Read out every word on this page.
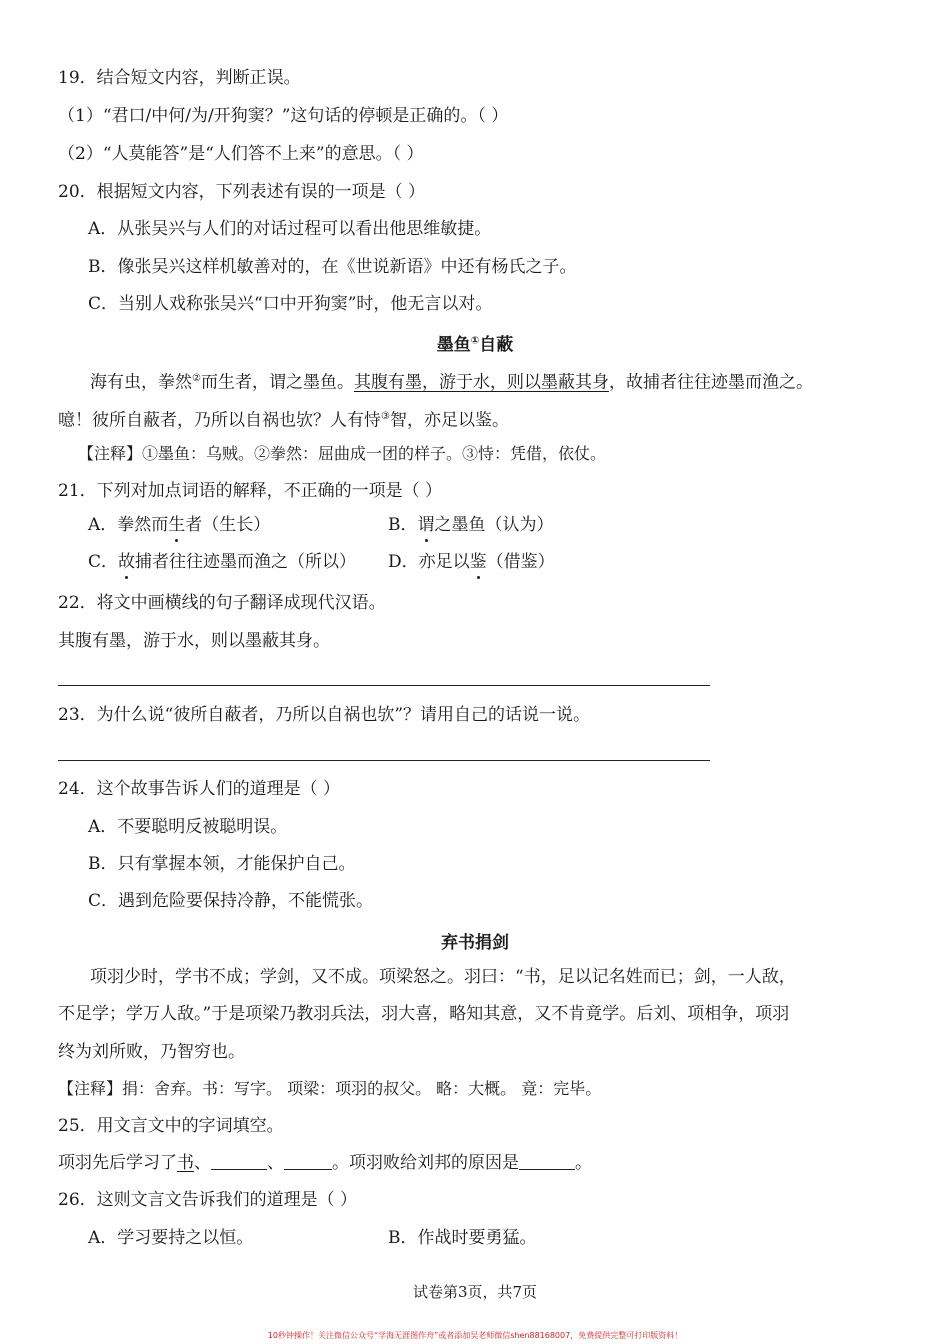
19．结合短文内容，判断正误。
（1）“君口/中何/为/开狗窦？”这句话的停顿是正确的。（ ）
（2）“人莫能答”是“人们答不上来”的意思。（ ）
20．根据短文内容，下列表述有误的一项是（ ）
A．从张吴兴与人们的对话过程可以看出他思维敏捷。
B．像张吴兴这样机敏善对的，在《世说新语》中还有杨氏之子。
C．当别人戏称张吴兴“口中开狗窦”时，他无言以对。
墨鱼①自蔽
海有虫，拳然②而生者，谓之墨鱼。其腹有墨，游于水，则以墨蔽其身，故捕者往往迹墨而渔之。
噫！彼所自蔽者，乃所以自祸也欤？人有恃③智，亦足以鉴。
【注释】①墨鱼：乌贼。②拳然：屈曲成一团的样子。③恃：凭借，依仗。
21．下列对加点词语的解释，不正确的一项是（ ）
A．拳然而生者（生长）	B．谓之墨鱼（认为）
C．故捕者往往迹墨而渔之（所以） D．亦足以鉴（借鉴）
22．将文中画横线的句子翻译成现代汉语。
其腹有墨，游于水，则以墨蔽其身。
23．为什么说“彼所自蔽者，乃所以自祸也欤”？请用自己的话说一说。
24．这个故事告诉人们的道理是（ ）
A．不要聪明反被聪明误。
B．只有掌握本领，才能保护自己。
C．遇到危险要保持冷静，不能慌张。
弃书捐剑
项羽少时，学书不成；学剑，又不成。项梁怒之。羽曰：“书，足以记名姓而已；剑，一人敌，
不足学；学万人敌。”于是项梁乃教羽兵法，羽大喜，略知其意，又不肯竟学。后刘、项相争，项羽
终为刘所败，乃智穷也。
【注释】捐：舍弃。书：写字。 项梁：项羽的叔父。 略：大概。 竟：完毕。
25．用文言文中的字词填空。
项羽先后学习了书、	、	。项羽败给刘邦的原因是	。
26．这则文言文告诉我们的道理是（ ）
A．学习要持之以恒。	B．作战时要勇猛。
试卷第3页，共7页
10秒钟操作！关注微信公众号“学海无涯图作舟”或者添加吴老师微信shen88168007，免费提供完整可打印版资料！
